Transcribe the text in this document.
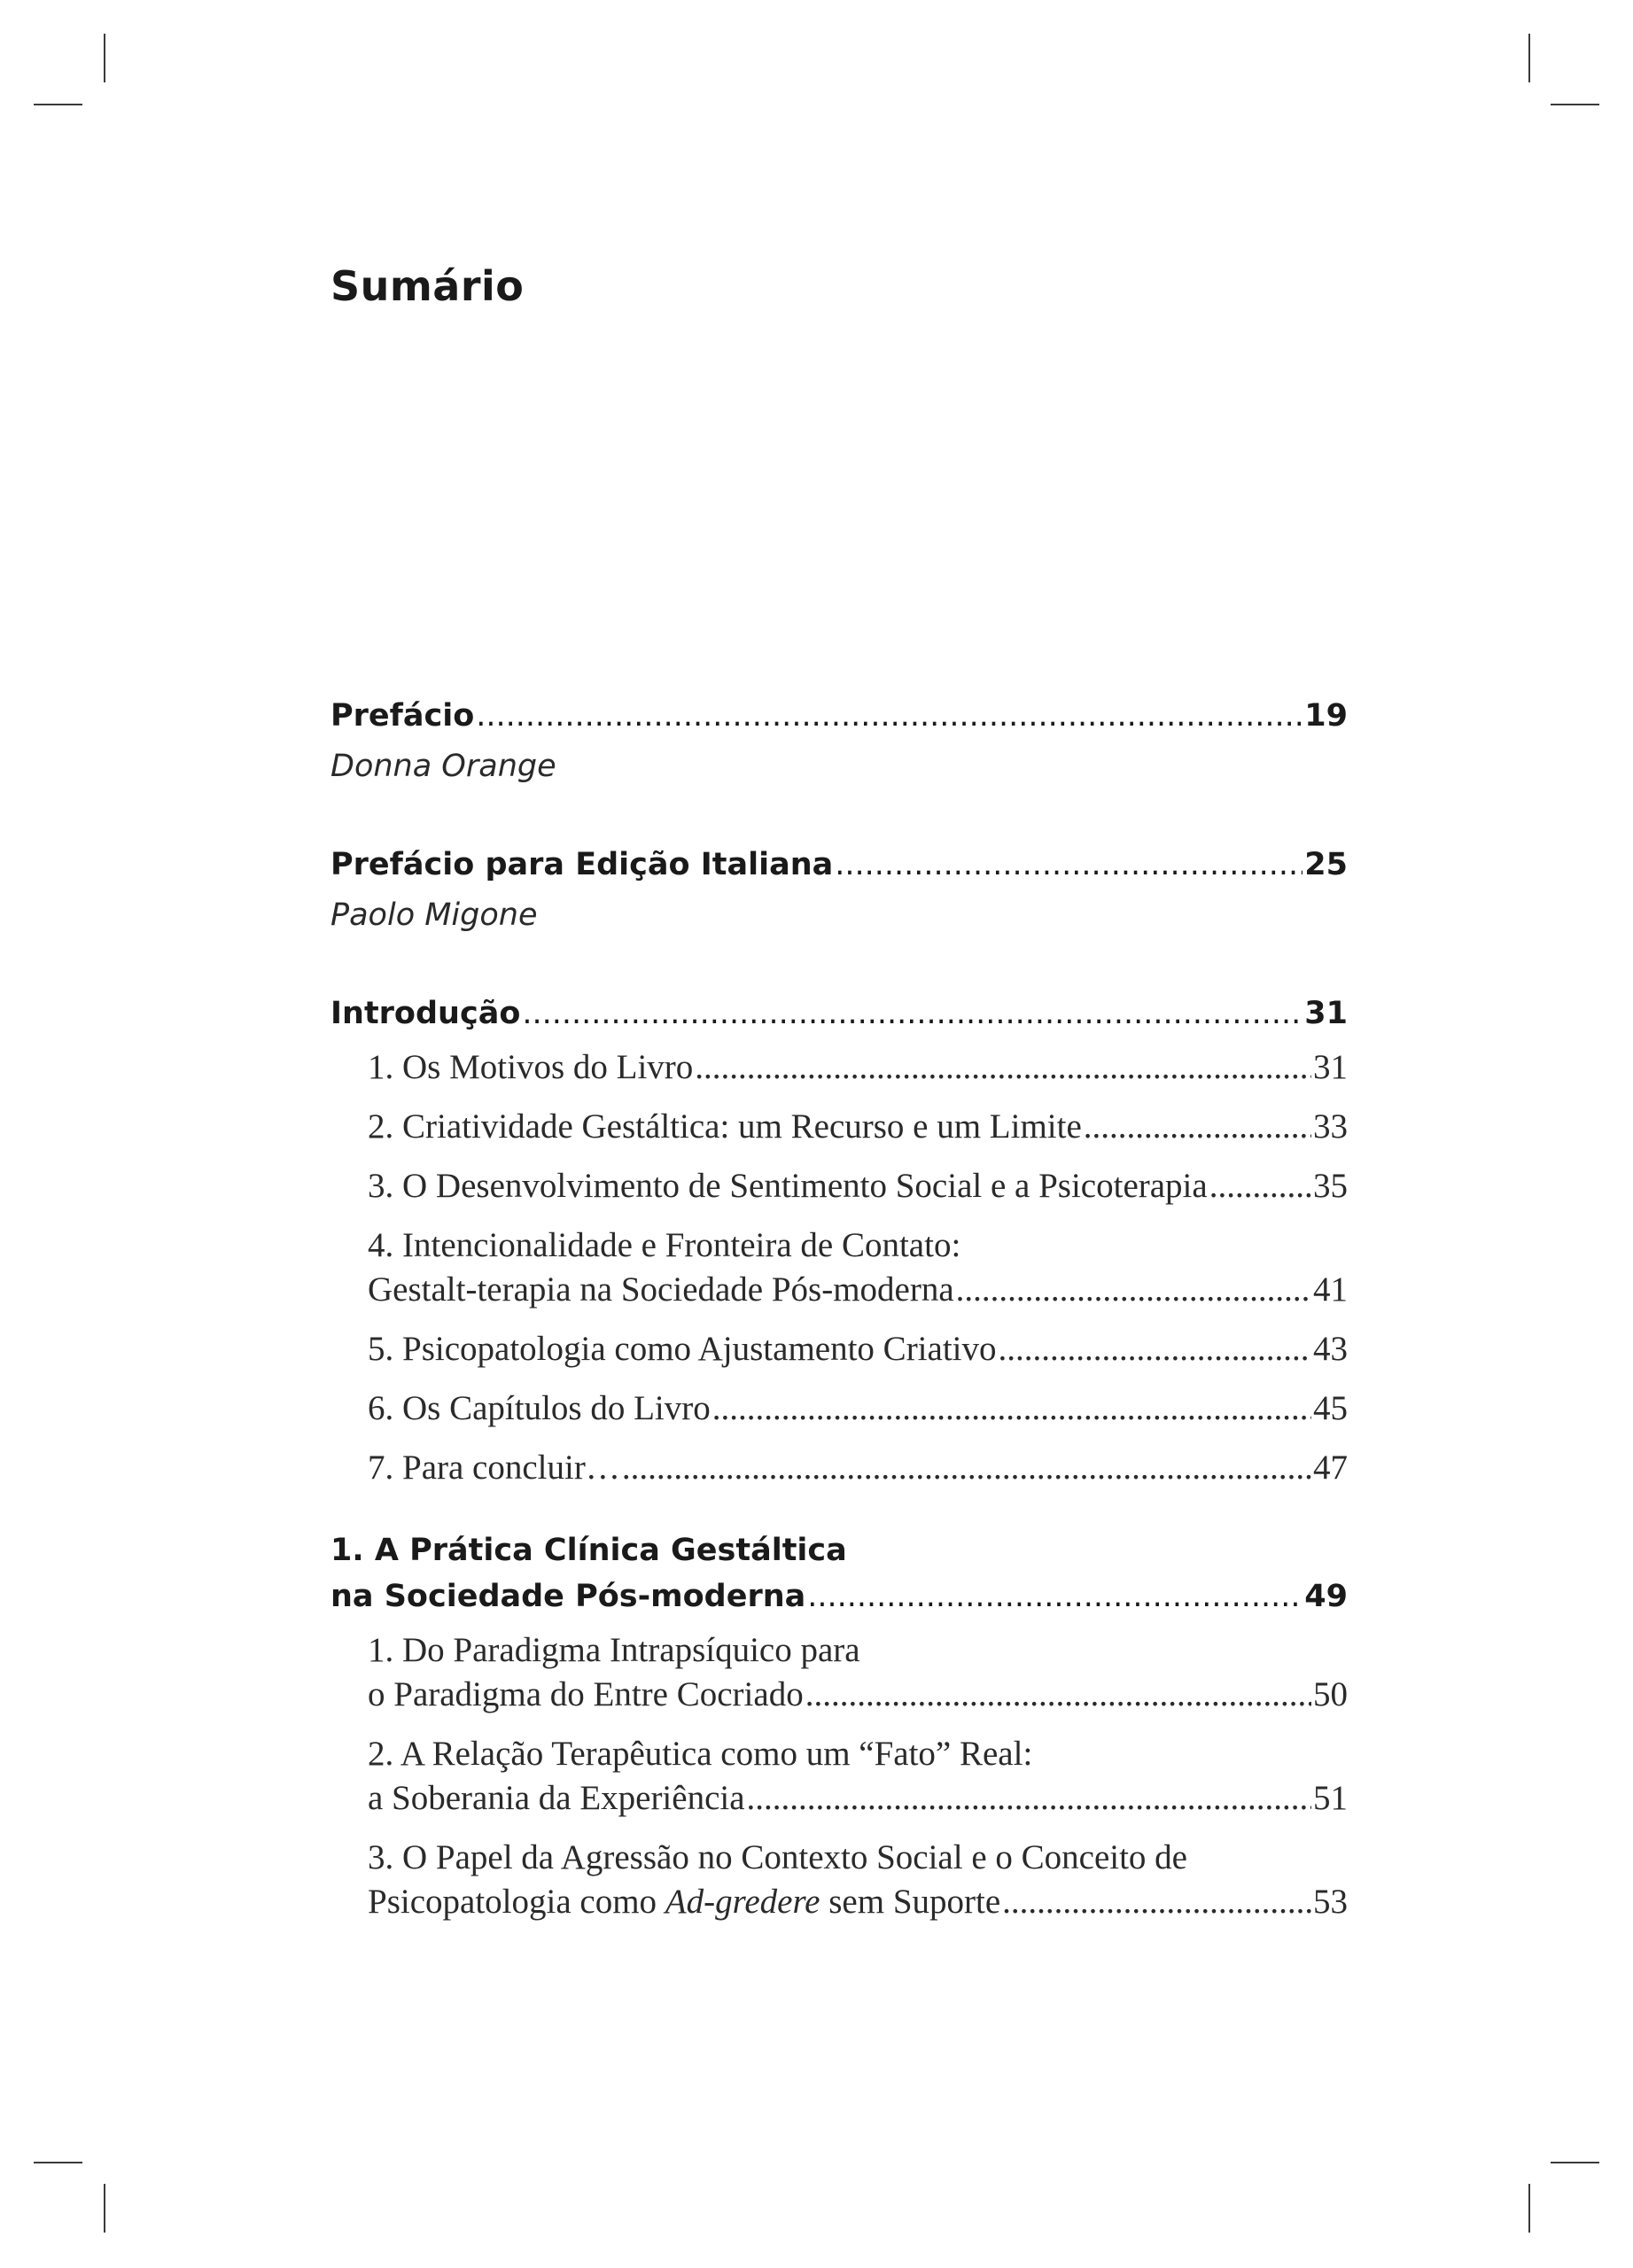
Sumário
Prefácio .....	19
Donna Orange
Prefácio para Edição Italiana .....	25
Paolo Migone
Introdução .....	31
1. Os Motivos do Livro .....	31
2. Criatividade Gestáltica: um Recurso e um Limite .....	33
3. O Desenvolvimento de Sentimento Social e a Psicoterapia .....	35
4. Intencionalidade e Fronteira de Contato:
Gestalt-terapia na Sociedade Pós-moderna .....	41
5. Psicopatologia como Ajustamento Criativo .....	43
6. Os Capítulos do Livro .....	45
7. Para concluir… .....	47
1. A Prática Clínica Gestáltica
na Sociedade Pós-moderna .....	49
1. Do Paradigma Intrapsíquico para
o Paradigma do Entre Cocriado .....	50
2. A Relação Terapêutica como um “Fato” Real:
a Soberania da Experiência .....	51
3. O Papel da Agressão no Contexto Social e o Conceito de
Psicopatologia como Ad-gredere sem Suporte .....	53
